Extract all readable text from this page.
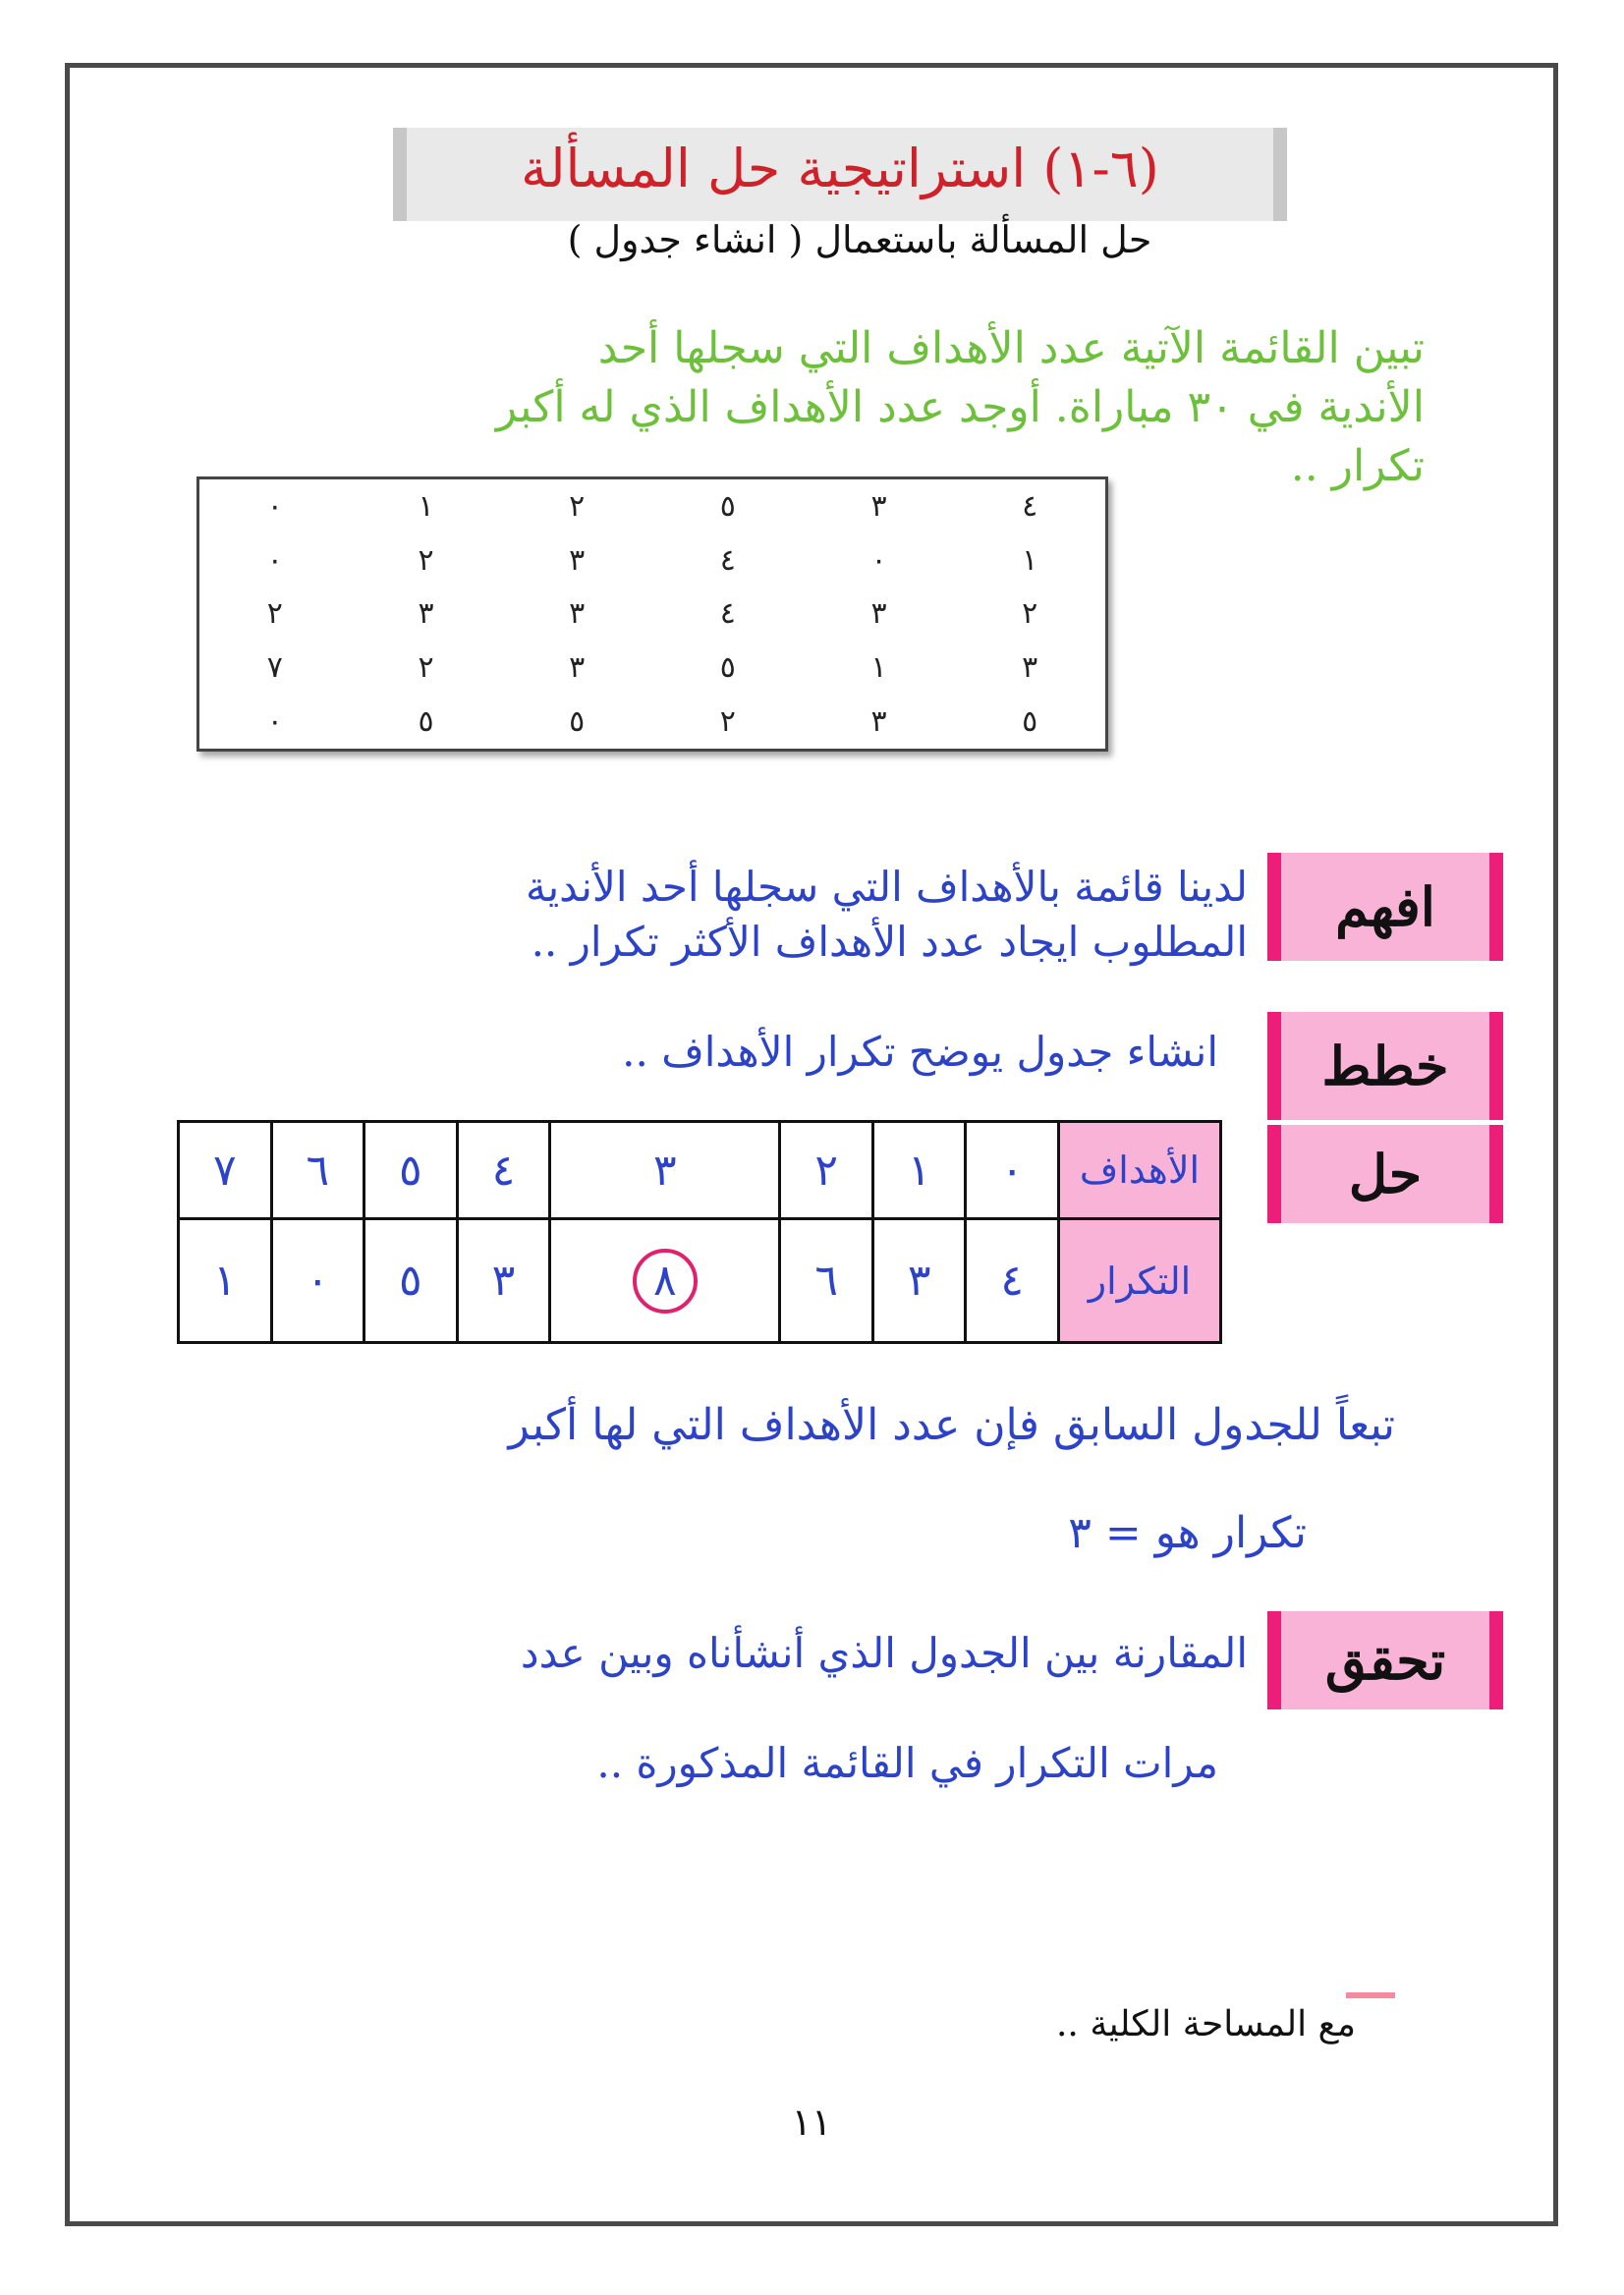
(٦-١) استراتيجية حل المسألة
حل المسألة باستعمال ( انشاء جدول )
تبين القائمة الآتية عدد الأهداف التي سجلها أحد
الأندية في ٣٠ مباراة. أوجد عدد الأهداف الذي له أكبر
تكرار ..
٤	٣	٥	٢	١	٠
١	٠	٤	٣	٢	٠
٢	٣	٤	٣	٣	٢
٣	١	٥	٣	٢	٧
٥	٣	٢	٥	٥	٠
افهم
لدينا قائمة بالأهداف التي سجلها أحد الأندية
المطلوب ايجاد عدد الأهداف الأكثر تكرار ..
خطط
انشاء جدول يوضح تكرار الأهداف ..
حل
الأهداف	٠	١	٢	٣	٤	٥	٦	٧
التكرار	٤	٣	٦	٨	٣	٥	٠	١
تبعاً للجدول السابق فإن عدد الأهداف التي لها أكبر
تكرار هو = ٣
تحقق
المقارنة بين الجدول الذي أنشأناه وبين عدد
مرات التكرار في القائمة المذكورة ..
مع المساحة الكلية ..
١١
